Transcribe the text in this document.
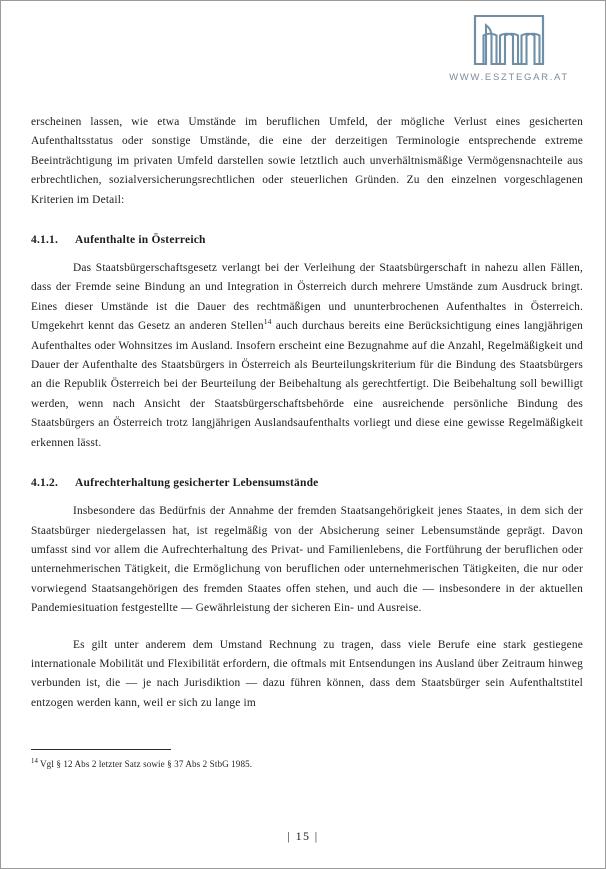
WWW.ESZTEGAR.AT

erscheinen lassen, wie etwa Umstände im beruflichen Umfeld, der mögliche Verlust eines gesicherten Aufenthaltsstatus oder sonstige Umstände, die eine der derzeitigen Terminologie entsprechende extreme Beeinträchtigung im privaten Umfeld darstellen sowie letztlich auch unverhältnismäßige Vermögensnachteile aus erbrechtlichen, sozialversicherungsrechtlichen oder steuerlichen Gründen. Zu den einzelnen vorgeschlagenen Kriterien im Detail:

4.1.1. Aufenthalte in Österreich

Das Staatsbürgerschaftsgesetz verlangt bei der Verleihung der Staatsbürgerschaft in nahezu allen Fällen, dass der Fremde seine Bindung an und Integration in Österreich durch mehrere Umstände zum Ausdruck bringt. Eines dieser Umstände ist die Dauer des rechtmäßigen und ununterbrochenen Aufenthaltes in Österreich. Umgekehrt kennt das Gesetz an anderen Stellen$^{14}$ auch durchaus bereits eine Berücksichtigung eines langjährigen Aufenthaltes oder Wohnsitzes im Ausland. Insofern erscheint eine Bezugnahme auf die Anzahl, Regelmäßigkeit und Dauer der Aufenthalte des Staatsbürgers in Österreich als Beurteilungskriterium für die Bindung des Staatsbürgers an die Republik Österreich bei der Beurteilung der Beibehaltung als gerechtfertigt. Die Beibehaltung soll bewilligt werden, wenn nach Ansicht der Staatsbürgerschaftsbehörde eine ausreichende persönliche Bindung des Staatsbürgers an Österreich trotz langjährigen Auslandsaufenthalts vorliegt und diese eine gewisse Regelmäßigkeit erkennen lässt.

4.1.2. Aufrechterhaltung gesicherter Lebensumstände

Insbesondere das Bedürfnis der Annahme der fremden Staatsangehörigkeit jenes Staates, in dem sich der Staatsbürger niedergelassen hat, ist regelmäßig von der Absicherung seiner Lebensumstände geprägt. Davon umfasst sind vor allem die Aufrechterhaltung des Privat- und Familienlebens, die Fortführung der beruflichen oder unternehmerischen Tätigkeit, die Ermöglichung von beruflichen oder unternehmerischen Tätigkeiten, die nur oder vorwiegend Staatsangehörigen des fremden Staates offen stehen, und auch die — insbesondere in der aktuellen Pandemiesituation festgestellte — Gewährleistung der sicheren Ein- und Ausreise.

Es gilt unter anderem dem Umstand Rechnung zu tragen, dass viele Berufe eine stark gestiegene internationale Mobilität und Flexibilität erfordern, die oftmals mit Entsendungen ins Ausland über Zeitraum hinweg verbunden ist, die — je nach Jurisdiktion — dazu führen können, dass dem Staatsbürger sein Aufenthaltstitel entzogen werden kann, weil er sich zu lange im

$^{14}$ Vgl § 12 Abs 2 letzter Satz sowie § 37 Abs 2 StbG 1985.

| 15 |
